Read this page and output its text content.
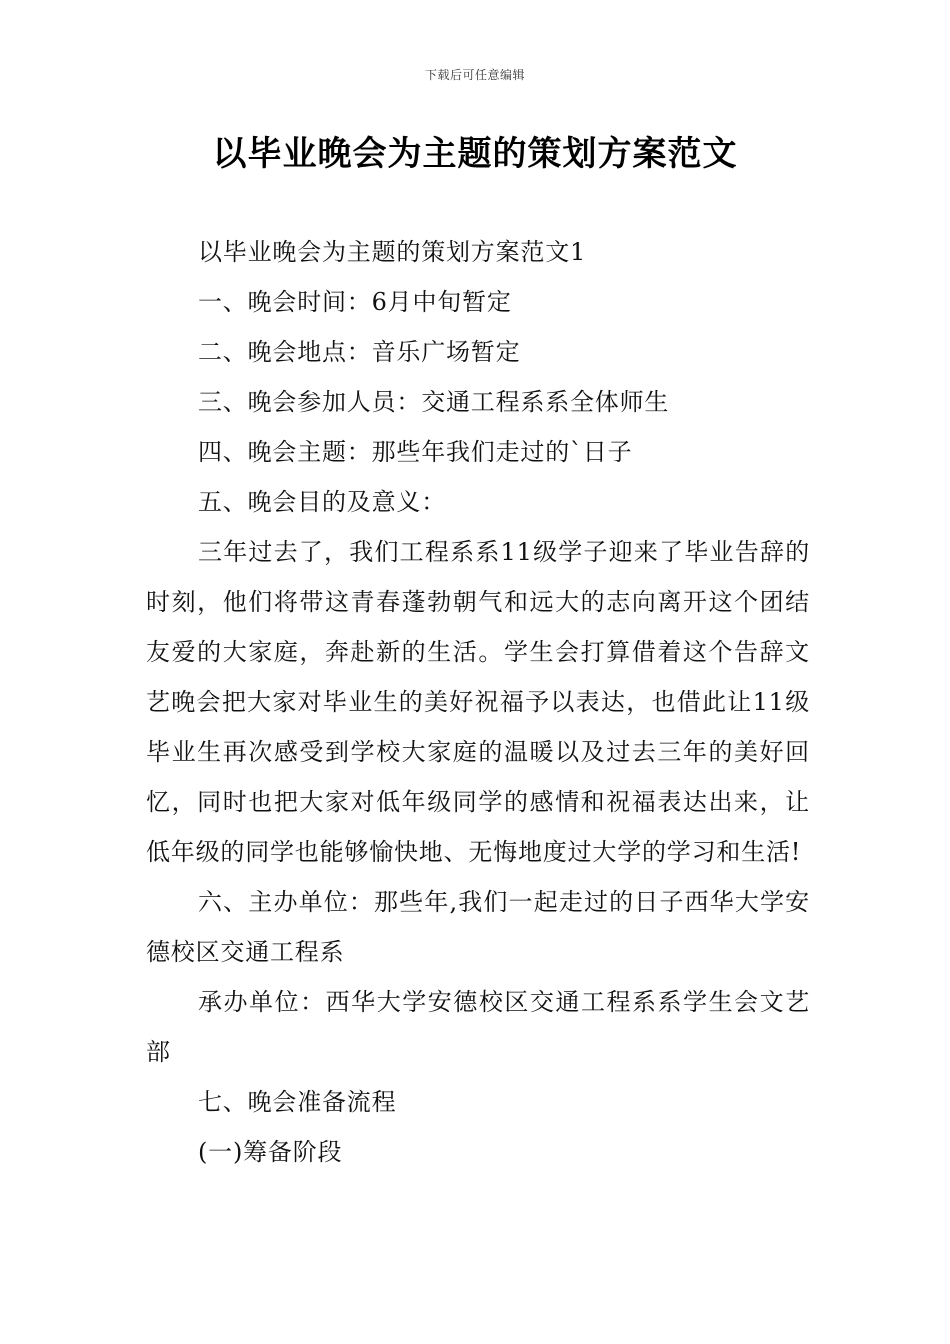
下载后可任意编辑
以毕业晚会为主题的策划方案范文

以毕业晚会为主题的策划方案范文1

一、晚会时间：6月中旬暂定

二、晚会地点：音乐广场暂定

三、晚会参加人员：交通工程系系全体师生

四、晚会主题：那些年我们走过的`日子

五、晚会目的及意义：

三年过去了，我们工程系系11级学子迎来了毕业告辞的时刻，他们将带这青春蓬勃朝气和远大的志向离开这个团结友爱的大家庭，奔赴新的生活。学生会打算借着这个告辞文艺晚会把大家对毕业生的美好祝福予以表达，也借此让11级毕业生再次感受到学校大家庭的温暖以及过去三年的美好回忆，同时也把大家对低年级同学的感情和祝福表达出来，让低年级的同学也能够愉快地、无悔地度过大学的学习和生活!

六、主办单位：那些年,我们一起走过的日子西华大学安德校区交通工程系

承办单位：西华大学安德校区交通工程系系学生会文艺部

七、晚会准备流程

(一)筹备阶段
